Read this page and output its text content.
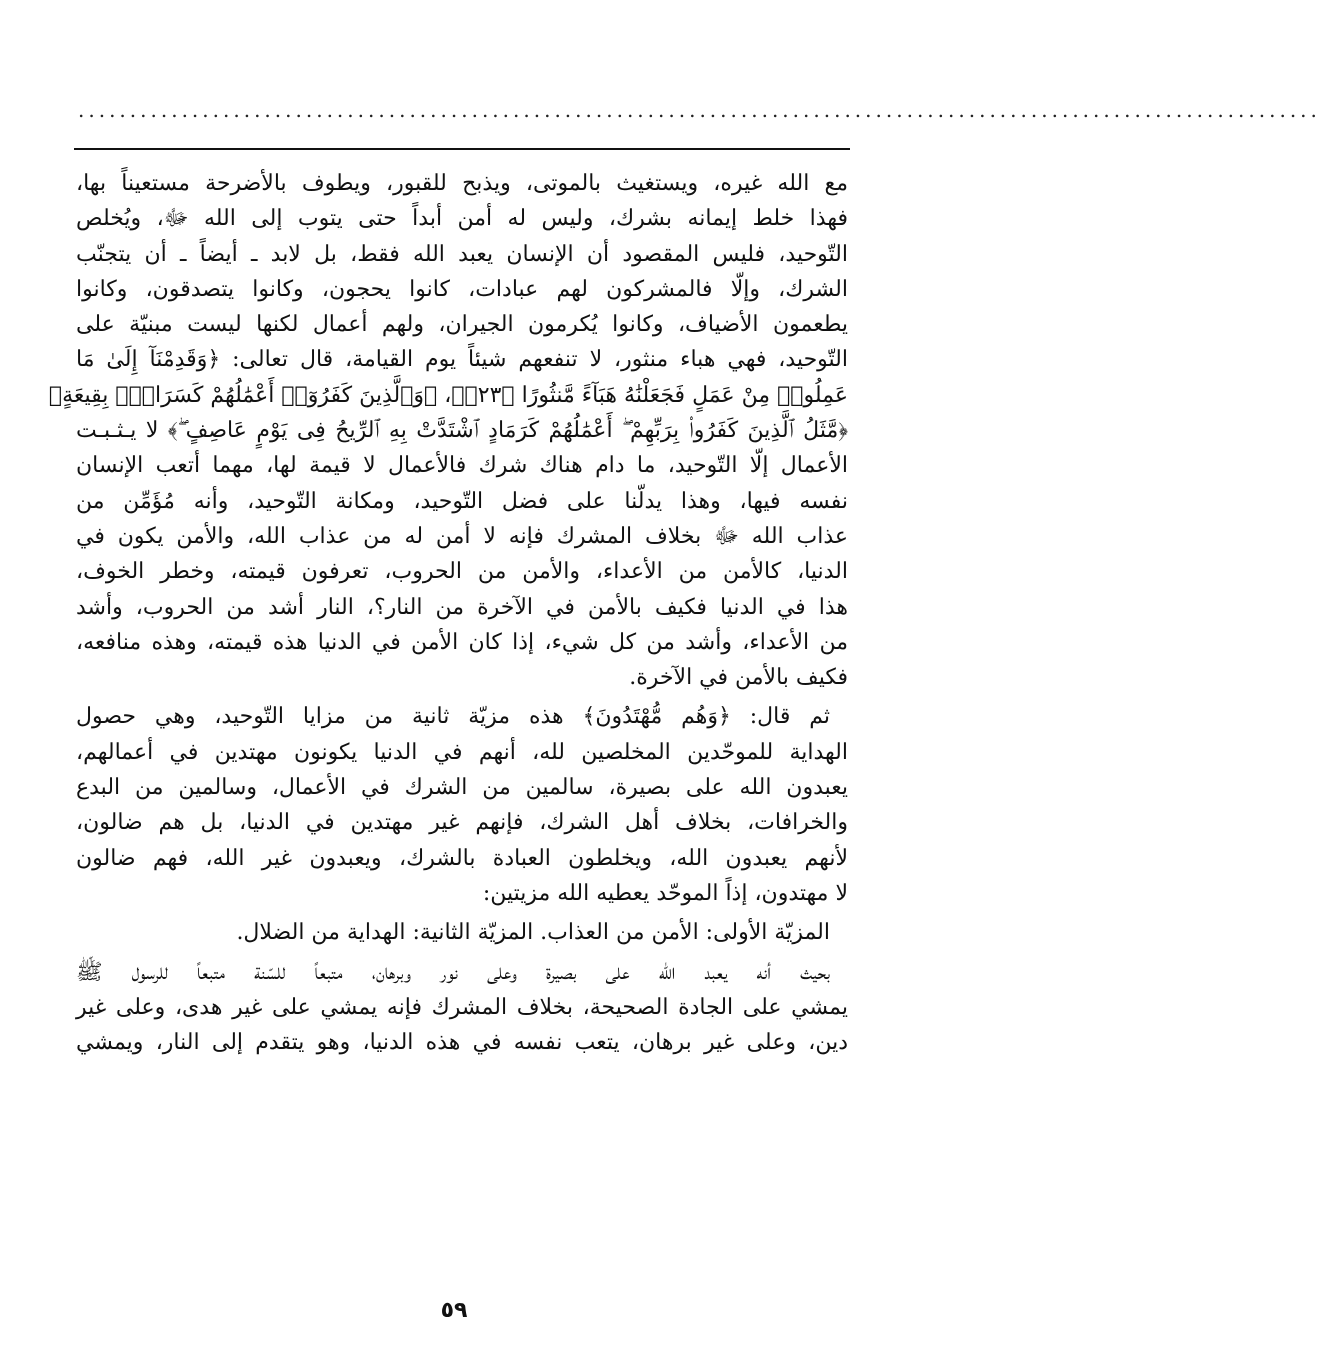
........................................................................................................................
مع الله غيره، ويستغيث بالموتى، ويذبح للقبور، ويطوف بالأضرحة مستعيناً بها،
فهذا خلط إيمانه بشرك، وليس له أمن أبداً حتى يتوب إلى الله ﷻ، ويُخلص
التّوحيد، فليس المقصود أن الإنسان يعبد الله فقط، بل لابد ـ أيضاً ـ أن يتجنّب
الشرك، وإلّا فالمشركون لهم عبادات، كانوا يحجون، وكانوا يتصدقون، وكانوا
يطعمون الأضياف، وكانوا يُكرمون الجيران، ولهم أعمال لكنها ليست مبنيّة على
التّوحيد، فهي هباء منثور، لا تنفعهم شيئاً يوم القيامة، قال تعالى: ﴿وَقَدِمْنَآ إِلَىٰ مَا
عَمِلُوا۟ مِنْ عَمَلٍ فَجَعَلْنَٰهُ هَبَآءً مَّنثُورًا ﴿٢٣﴾﴾، ﴿وَٱلَّذِينَ كَفَرُوٓا۟ أَعْمَٰلُهُمْ كَسَرَابٍۭ بِقِيعَةٍ﴾
﴿مَّثَلُ ٱلَّذِينَ كَفَرُوا۟ بِرَبِّهِمْ ۖ أَعْمَٰلُهُمْ كَرَمَادٍ ٱشْتَدَّتْ بِهِ ٱلرِّيحُ فِى يَوْمٍ عَاصِفٍ ۖ﴾ لا يـثـبـت
الأعمال إلّا التّوحيد، ما دام هناك شرك فالأعمال لا قيمة لها، مهما أتعب الإنسان
نفسه فيها، وهذا يدلّنا على فضل التّوحيد، ومكانة التّوحيد، وأنه مُؤَمِّن من
عذاب الله ﷻ بخلاف المشرك فإنه لا أمن له من عذاب الله، والأمن يكون في
الدنيا، كالأمن من الأعداء، والأمن من الحروب، تعرفون قيمته، وخطر الخوف،
هذا في الدنيا فكيف بالأمن في الآخرة من النار؟، النار أشد من الحروب، وأشد
من الأعداء، وأشد من كل شيء، إذا كان الأمن في الدنيا هذه قيمته، وهذه منافعه،
فكيف بالأمن في الآخرة.
ثم قال: ﴿وَهُم مُّهْتَدُونَ﴾ هذه مزيّة ثانية من مزايا التّوحيد، وهي حصول
الهداية للموحّدين المخلصين لله، أنهم في الدنيا يكونون مهتدين في أعمالهم،
يعبدون الله على بصيرة، سالمين من الشرك في الأعمال، وسالمين من البدع
والخرافات، بخلاف أهل الشرك، فإنهم غير مهتدين في الدنيا، بل هم ضالون،
لأنهم يعبدون الله، ويخلطون العبادة بالشرك، ويعبدون غير الله، فهم ضالون
لا مهتدون، إذاً الموحّد يعطيه الله مزيتين:
المزيّة الأولى: الأمن من العذاب. المزيّة الثانية: الهداية من الضلال.
بحيث أنه يعبد الله على بصيرة وعلى نور وبرهان، متبعاً للسّنة متبعاً للرسول ﷺ
يمشي على الجادة الصحيحة، بخلاف المشرك فإنه يمشي على غير هدى، وعلى غير
دين، وعلى غير برهان، يتعب نفسه في هذه الدنيا، وهو يتقدم إلى النار، ويمشي
٥٩
